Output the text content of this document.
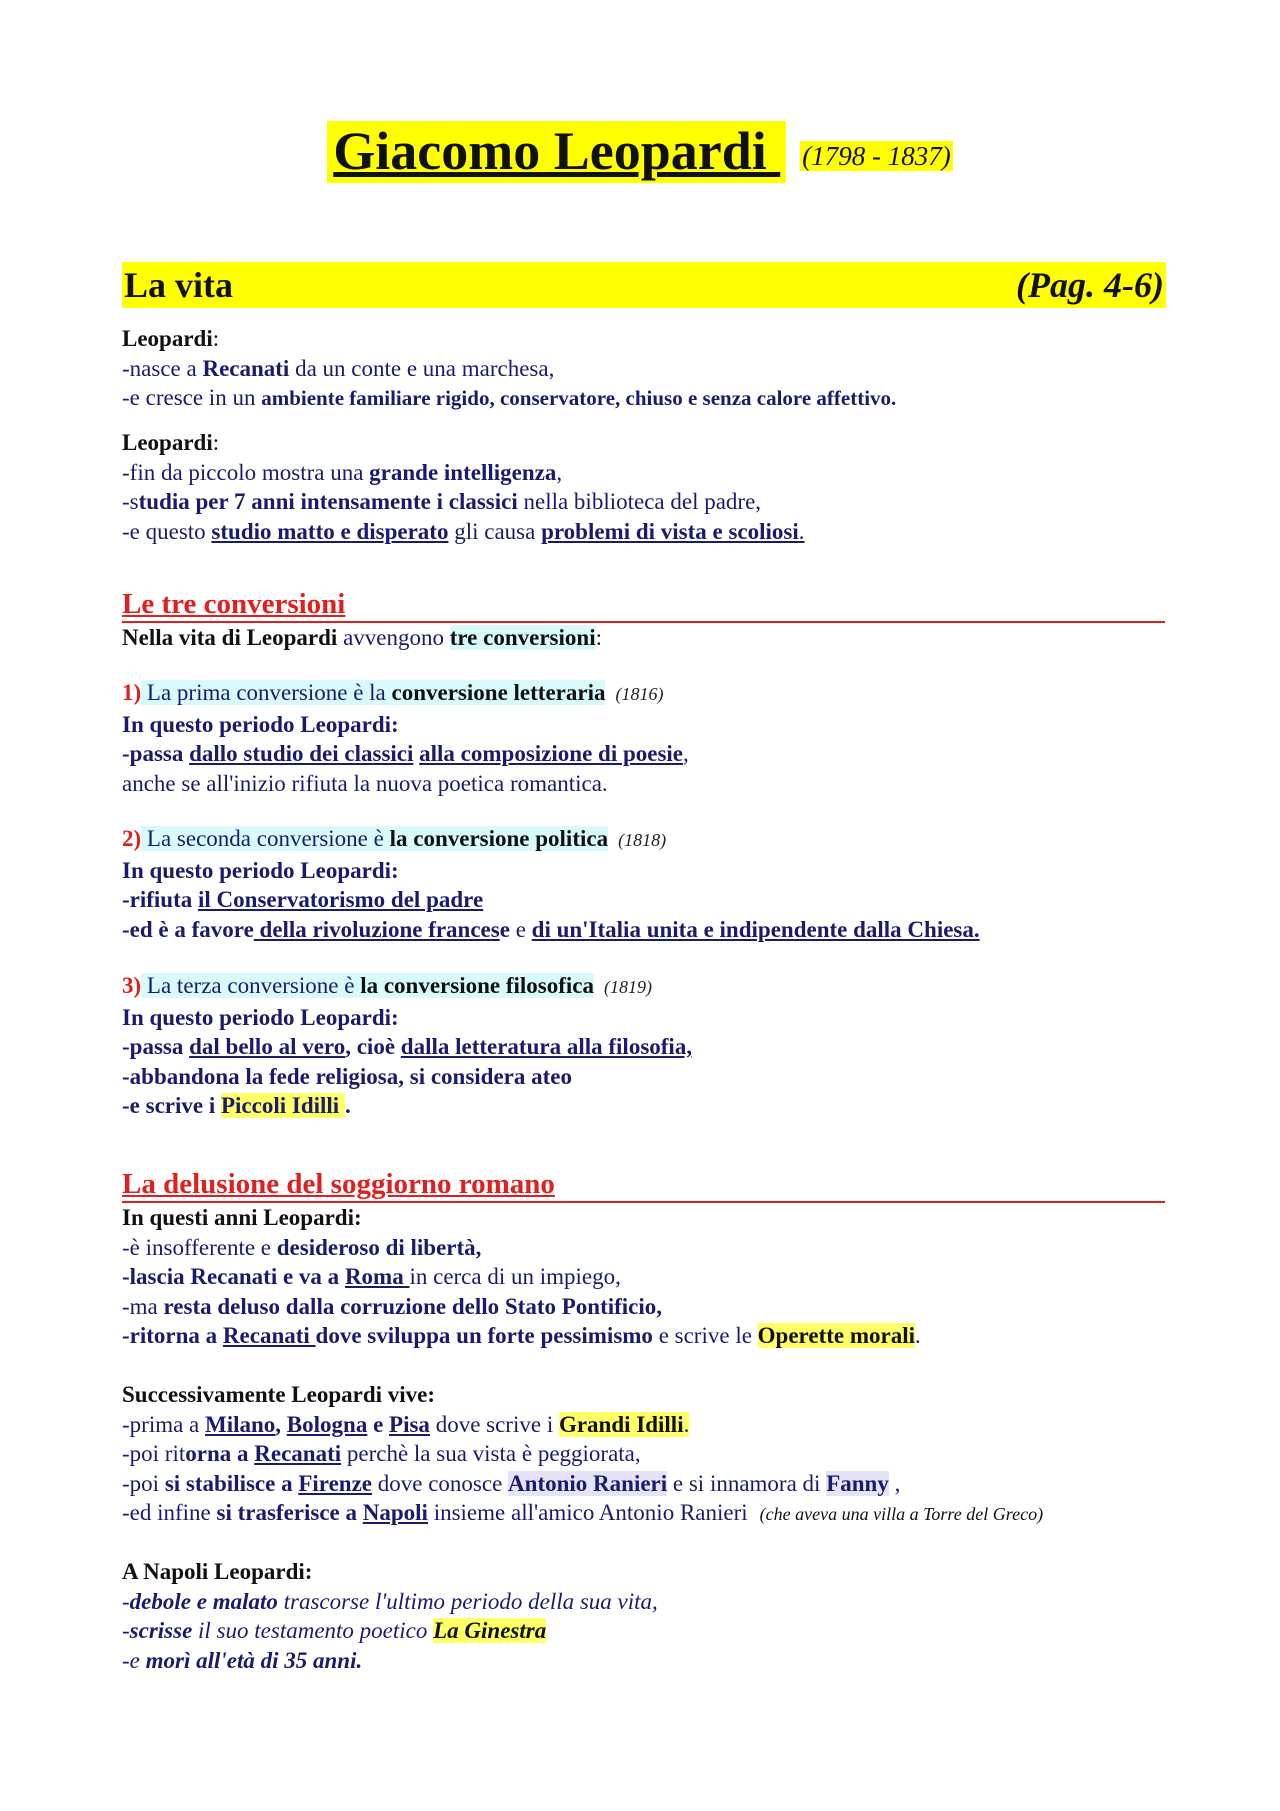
Giacomo Leopardi (1798 - 1837)
La vita	(Pag. 4-6)
Leopardi:
-nasce a Recanati da un conte e una marchesa,
-e cresce in un ambiente familiare rigido, conservatore, chiuso e senza calore affettivo.
Leopardi:
-fin da piccolo mostra una grande intelligenza,
-studia per 7 anni intensamente i classici nella biblioteca del padre,
-e questo studio matto e disperato gli causa problemi di vista e scoliosi.
Le tre conversioni
Nella vita di Leopardi avvengono tre conversioni:
1) La prima conversione è la conversione letteraria (1816)
In questo periodo Leopardi:
-passa dallo studio dei classici alla composizione di poesie,
anche se all'inizio rifiuta la nuova poetica romantica.
2) La seconda conversione è la conversione politica (1818)
In questo periodo Leopardi:
-rifiuta il Conservatorismo del padre
-ed è a favore della rivoluzione francese e di un'Italia unita e indipendente dalla Chiesa.
3) La terza conversione è la conversione filosofica (1819)
In questo periodo Leopardi:
-passa dal bello al vero, cioè dalla letteratura alla filosofia,
-abbandona la fede religiosa, si considera ateo
-e scrive i Piccoli Idilli .
La delusione del soggiorno romano
In questi anni Leopardi:
-è insofferente e desideroso di libertà,
-lascia Recanati e va a Roma in cerca di un impiego,
-ma resta deluso dalla corruzione dello Stato Pontificio,
-ritorna a Recanati dove sviluppa un forte pessimismo e scrive le Operette morali.
Successivamente Leopardi vive:
-prima a Milano, Bologna e Pisa dove scrive i Grandi Idilli.
-poi ritorna a Recanati perchè la sua vista è peggiorata,
-poi si stabilisce a Firenze dove conosce Antonio Ranieri e si innamora di Fanny ,
-ed infine si trasferisce a Napoli insieme all'amico Antonio Ranieri (che aveva una villa a Torre del Greco)
A Napoli Leopardi:
-debole e malato trascorse l'ultimo periodo della sua vita,
-scrisse il suo testamento poetico La Ginestra
-e morì all'età di 35 anni.
